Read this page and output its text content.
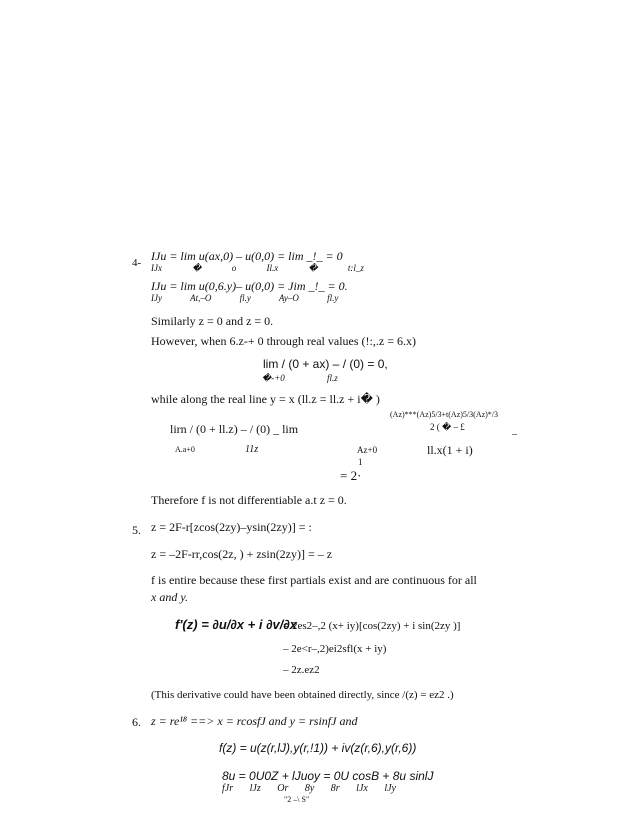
4- IJu = lim u(ax,0) – u(0,0) = lim _!_ = 0
IJx � o Il.x � t:l_z
IJu = lim u(0,6.y)– u(0,0) = Jim _!_ = 0.
IJy At,–O fl.y Ay–O fl.y
Similarly z = 0 and z = 0.
However, when 6.z-+ 0 through real values (!:,.z = 6.x)
lim / (0 + ax) – / (0) = 0,
�-+0 fl.z
while along the real line y = x (ll.z = ll.z + i� )
(Az)***(Az)5/3+t(Az)5/3(Az)*/3
lirn / (0 + ll.z) – / (0) _ lim	2 ( � – £	_
A.a+0	11z	Az+0	ll.x(1 + i)
1
= 2·
Therefore f is not differentiable a.t z = 0.
5. z = 2F-r[zcos(2zy)–ysin(2zy)] = :
z = –2F-rr,cos(2z, ) + zsin(2zy)] = – z
f is entire because these first partials exist and are continuous for all
x and y.
f'(z) = ∂u/∂x + i ∂v/∂x
= 2es2–,2 (x+ iy)[cos(2zy) + i sin(2zy )]
– 2e<r–,2)ei2sfl(x + iy)
– 2z.ez2
(This derivative could have been obtained directly, since /(z) = ez2 .)
6. z = re¹⁸ ==> x = rcosfJ and y = rsinfJ and
f(z) = u(z(r,lJ),y(r,!1)) + iv(z(r,6),y(r,6))
8u = 0U0Z + lJuoy = 0U cosB + 8u sinlJ
fJr lJz Or 8y 8r lJx lJy
"2 –\ S"
